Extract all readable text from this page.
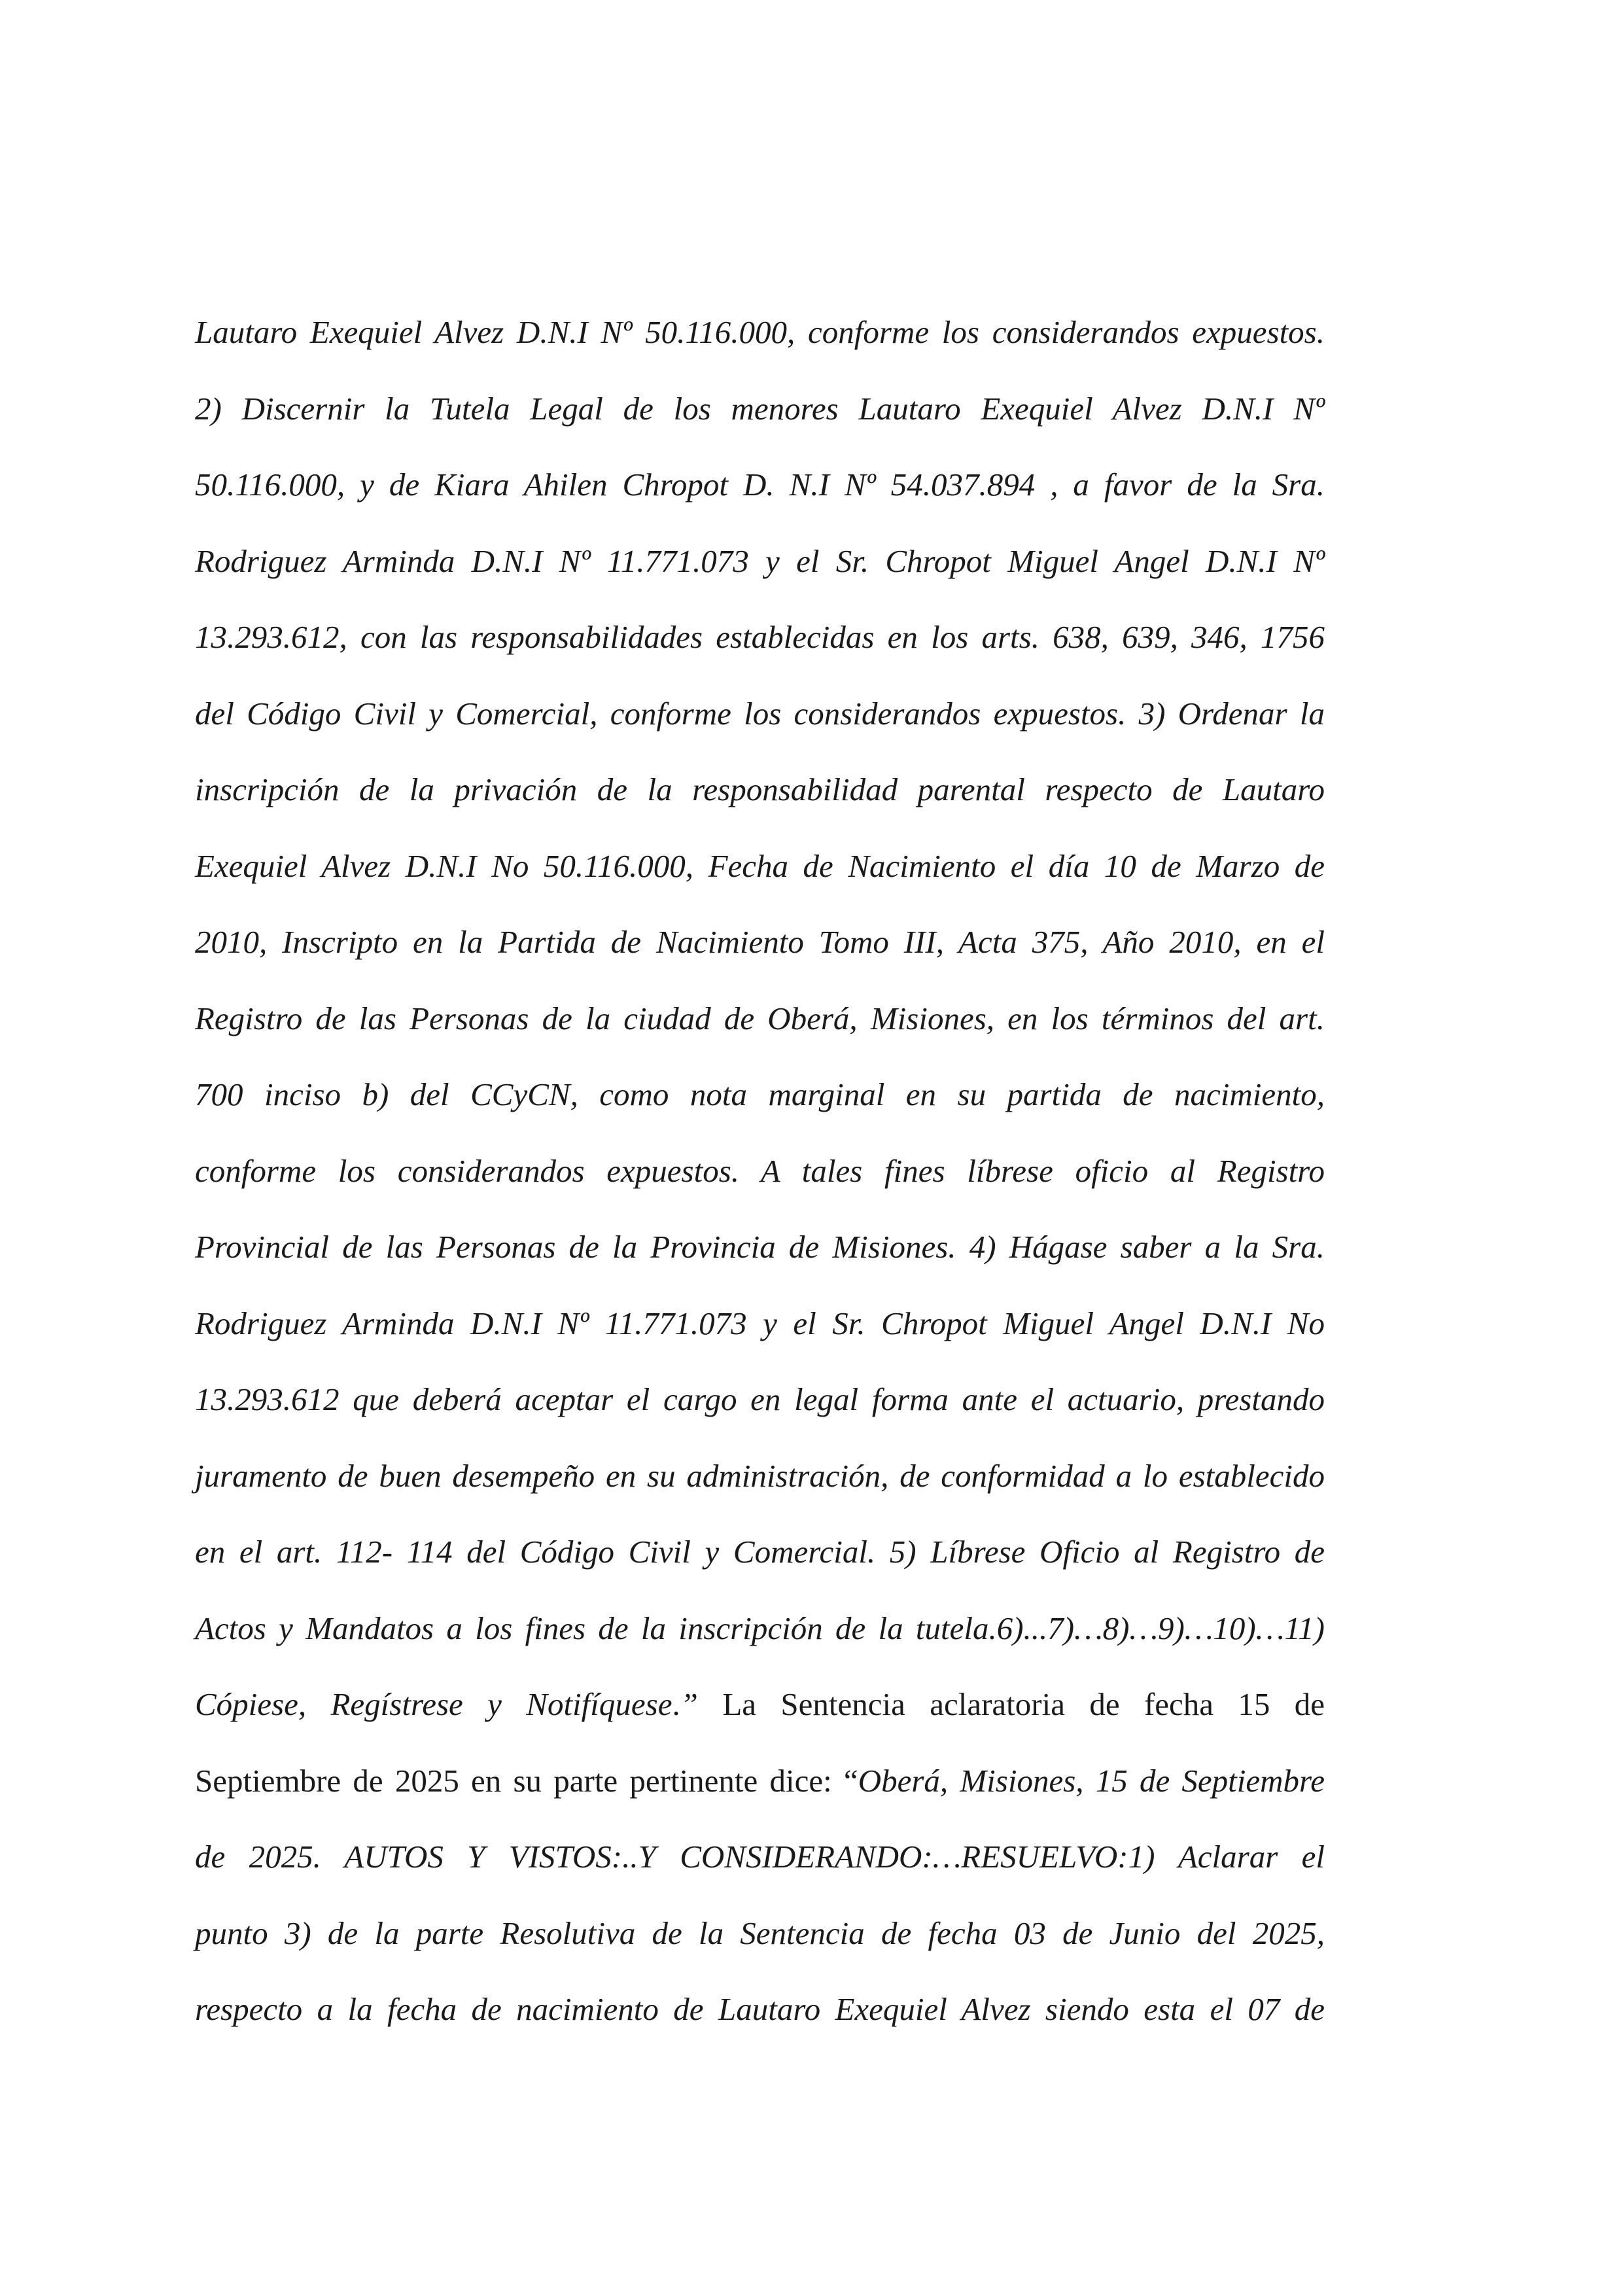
Lautaro Exequiel Alvez D.N.I Nº 50.116.000, conforme los considerandos expuestos.
2) Discernir la Tutela Legal de los menores Lautaro Exequiel Alvez D.N.I Nº
50.116.000, y de Kiara Ahilen Chropot D. N.I Nº 54.037.894 , a favor de la Sra.
Rodriguez Arminda D.N.I Nº 11.771.073 y el Sr. Chropot Miguel Angel D.N.I Nº
13.293.612, con las responsabilidades establecidas en los arts. 638, 639, 346, 1756
del Código Civil y Comercial, conforme los considerandos expuestos. 3) Ordenar la
inscripción de la privación de la responsabilidad parental respecto de Lautaro
Exequiel Alvez D.N.I No 50.116.000, Fecha de Nacimiento el día 10 de Marzo de
2010, Inscripto en la Partida de Nacimiento Tomo III, Acta 375, Año 2010, en el
Registro de las Personas de la ciudad de Oberá, Misiones, en los términos del art.
700 inciso b) del CCyCN, como nota marginal en su partida de nacimiento,
conforme los considerandos expuestos. A tales fines líbrese oficio al Registro
Provincial de las Personas de la Provincia de Misiones. 4) Hágase saber a la Sra.
Rodriguez Arminda D.N.I Nº 11.771.073 y el Sr. Chropot Miguel Angel D.N.I No
13.293.612 que deberá aceptar el cargo en legal forma ante el actuario, prestando
juramento de buen desempeño en su administración, de conformidad a lo establecido
en el art. 112- 114 del Código Civil y Comercial. 5) Líbrese Oficio al Registro de
Actos y Mandatos a los fines de la inscripción de la tutela.6)...7)…8)…9)…10)…11)
Cópiese, Regístrese y Notifíquese.” La Sentencia aclaratoria de fecha 15 de
Septiembre de 2025 en su parte pertinente dice: “Oberá, Misiones, 15 de Septiembre
de 2025. AUTOS Y VISTOS:..Y CONSIDERANDO:…RESUELVO:1) Aclarar el
punto 3) de la parte Resolutiva de la Sentencia de fecha 03 de Junio del 2025,
respecto a la fecha de nacimiento de Lautaro Exequiel Alvez siendo esta el 07 de
